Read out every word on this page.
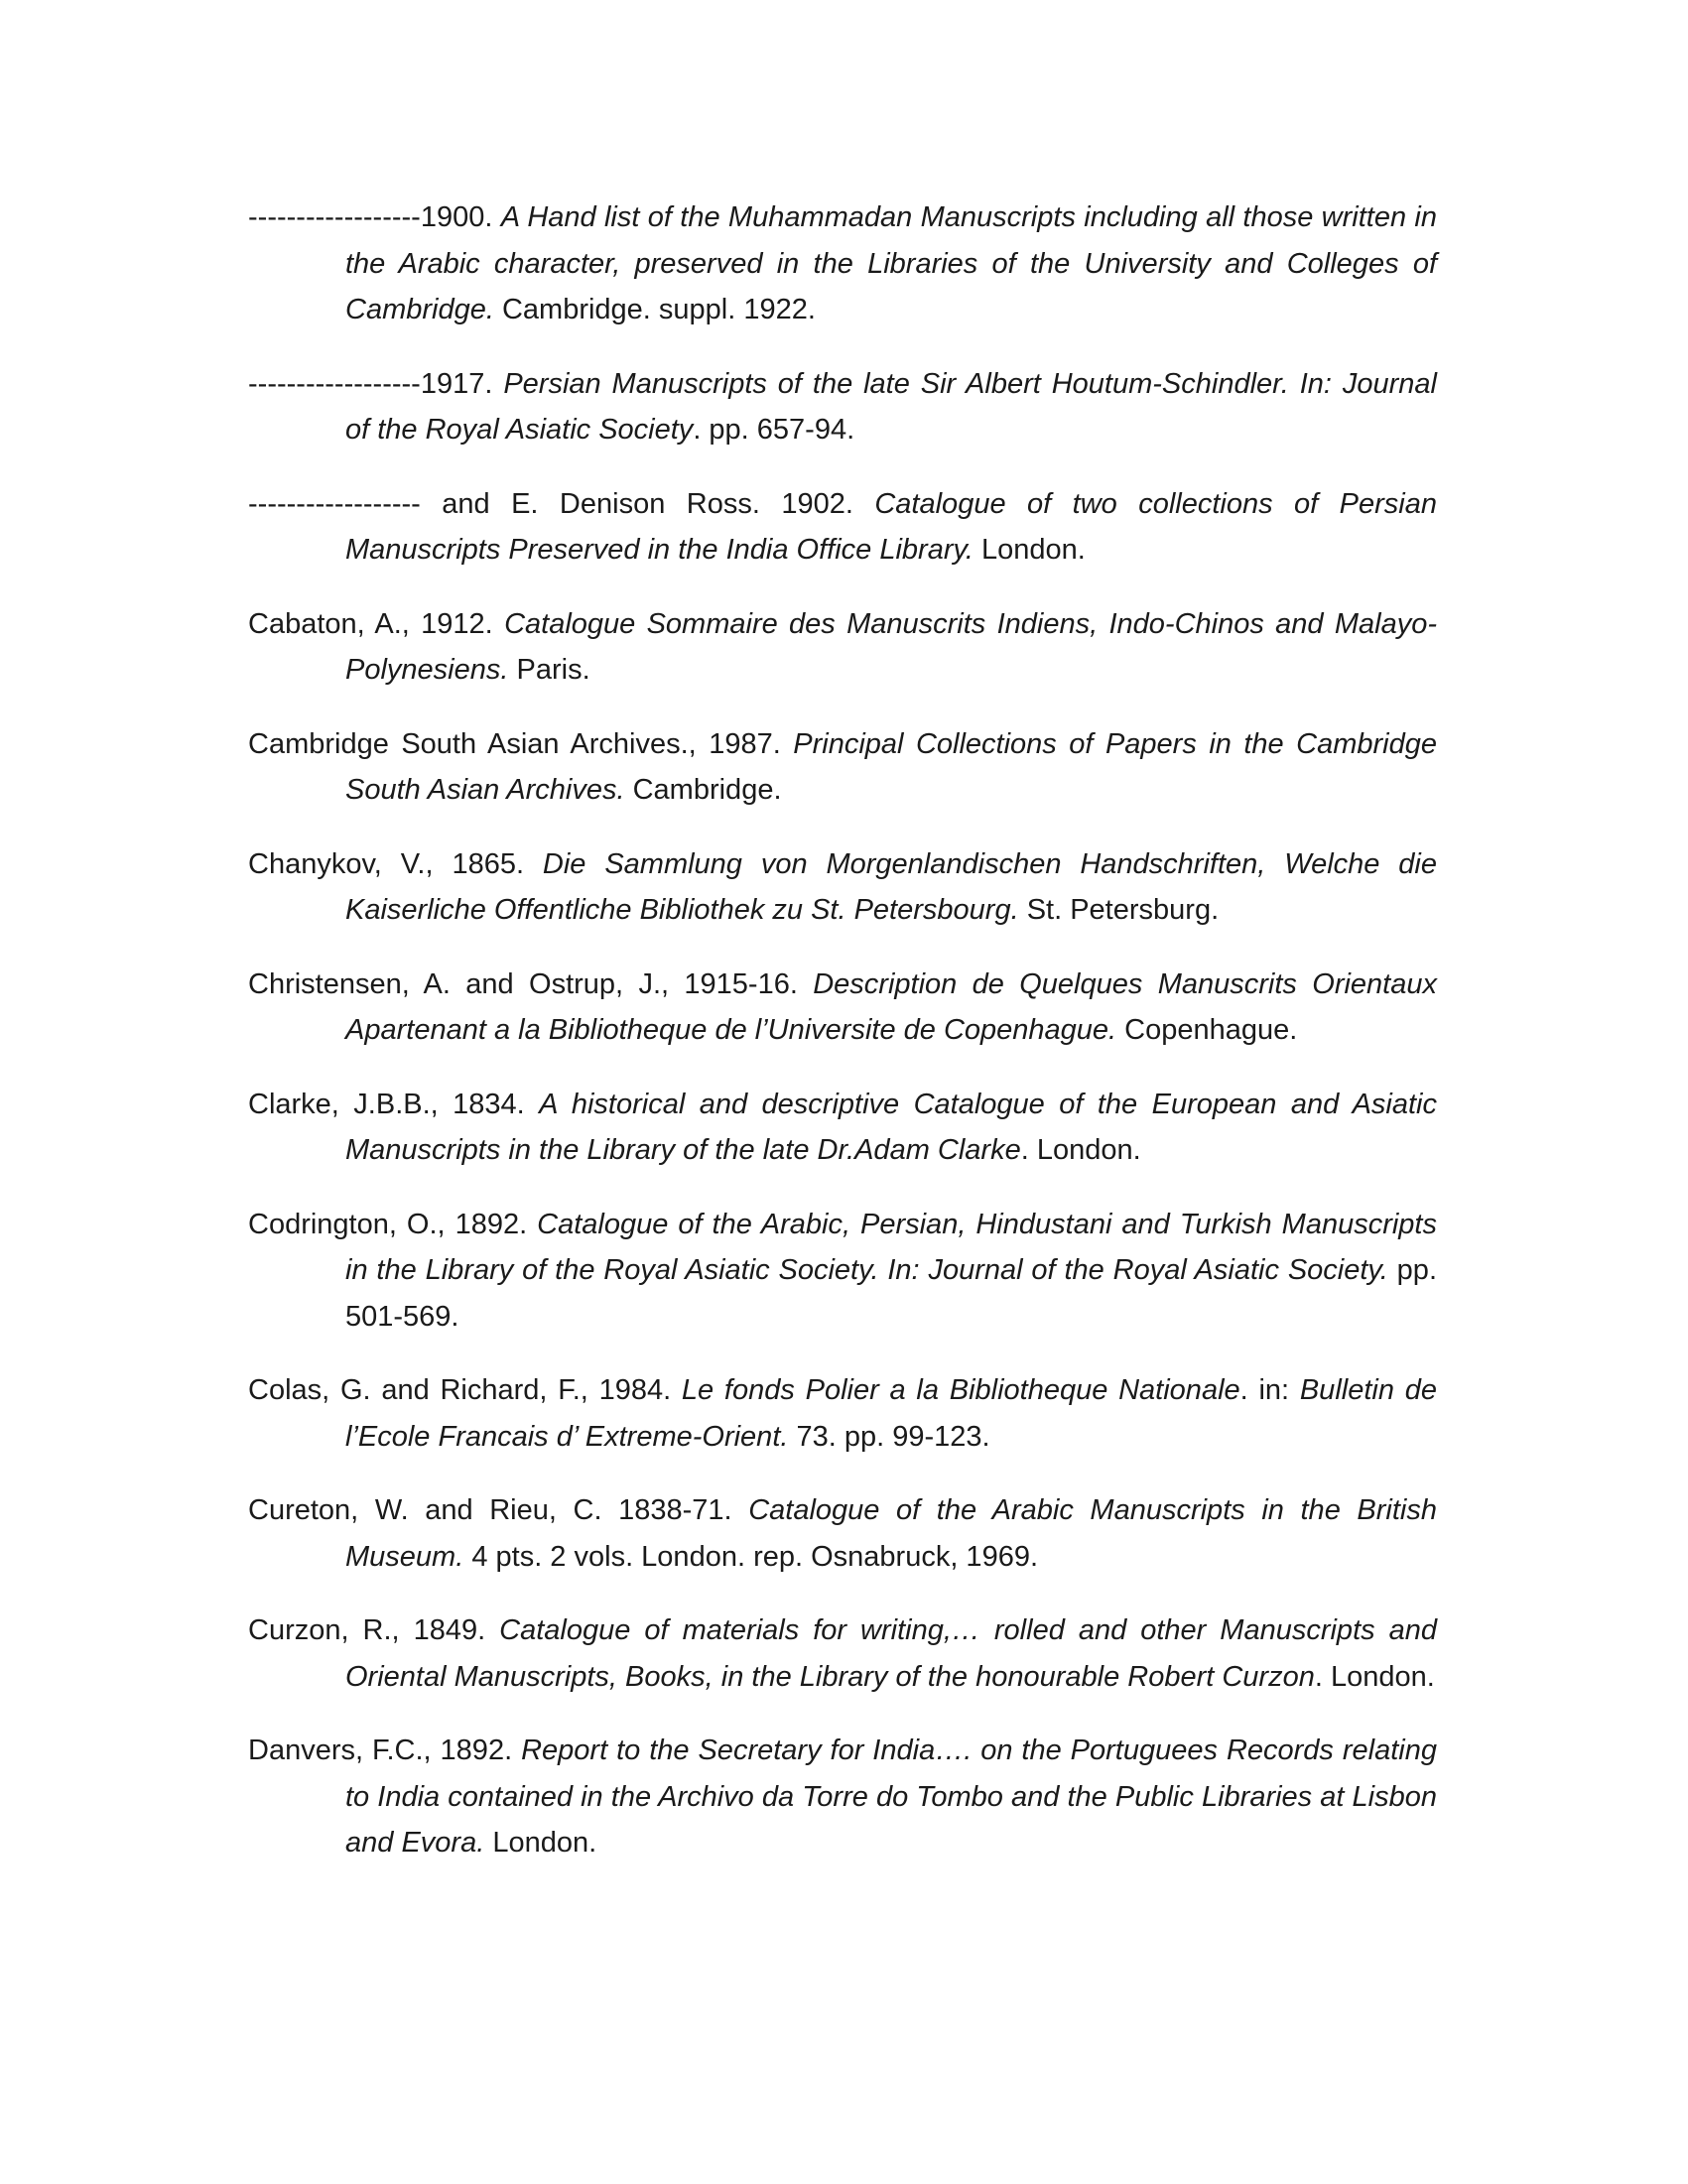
------------------1900. A Hand list of the Muhammadan Manuscripts including all those written in the Arabic character, preserved in the Libraries of the University and Colleges of Cambridge. Cambridge. suppl. 1922.

------------------1917. Persian Manuscripts of the late Sir Albert Houtum-Schindler. In: Journal of the Royal Asiatic Society. pp. 657-94.

------------------ and E. Denison Ross. 1902. Catalogue of two collections of Persian Manuscripts Preserved in the India Office Library. London.

Cabaton, A., 1912. Catalogue Sommaire des Manuscrits Indiens, Indo-Chinos and Malayo-Polynesiens. Paris.

Cambridge South Asian Archives., 1987. Principal Collections of Papers in the Cambridge South Asian Archives. Cambridge.

Chanykov, V., 1865. Die Sammlung von Morgenlandischen Handschriften, Welche die Kaiserliche Offentliche Bibliothek zu St. Petersbourg. St. Petersburg.

Christensen, A. and Ostrup, J., 1915-16. Description de Quelques Manuscrits Orientaux Apartenant a la Bibliotheque de l’Universite de Copenhague. Copenhague.

Clarke, J.B.B., 1834. A historical and descriptive Catalogue of the European and Asiatic Manuscripts in the Library of the late Dr.Adam Clarke. London.

Codrington, O., 1892. Catalogue of the Arabic, Persian, Hindustani and Turkish Manuscripts in the Library of the Royal Asiatic Society. In: Journal of the Royal Asiatic Society. pp. 501-569.

Colas, G. and Richard, F., 1984. Le fonds Polier a la Bibliotheque Nationale. in: Bulletin de l’Ecole Francais d’ Extreme-Orient. 73. pp. 99-123.

Cureton, W. and Rieu, C. 1838-71. Catalogue of the Arabic Manuscripts in the British Museum. 4 pts. 2 vols. London. rep. Osnabruck, 1969.

Curzon, R., 1849. Catalogue of materials for writing,… rolled and other Manuscripts and Oriental Manuscripts, Books, in the Library of the honourable Robert Curzon. London.

Danvers, F.C., 1892. Report to the Secretary for India…. on the Portuguees Records relating to India contained in the Archivo da Torre do Tombo and the Public Libraries at Lisbon and Evora. London.
